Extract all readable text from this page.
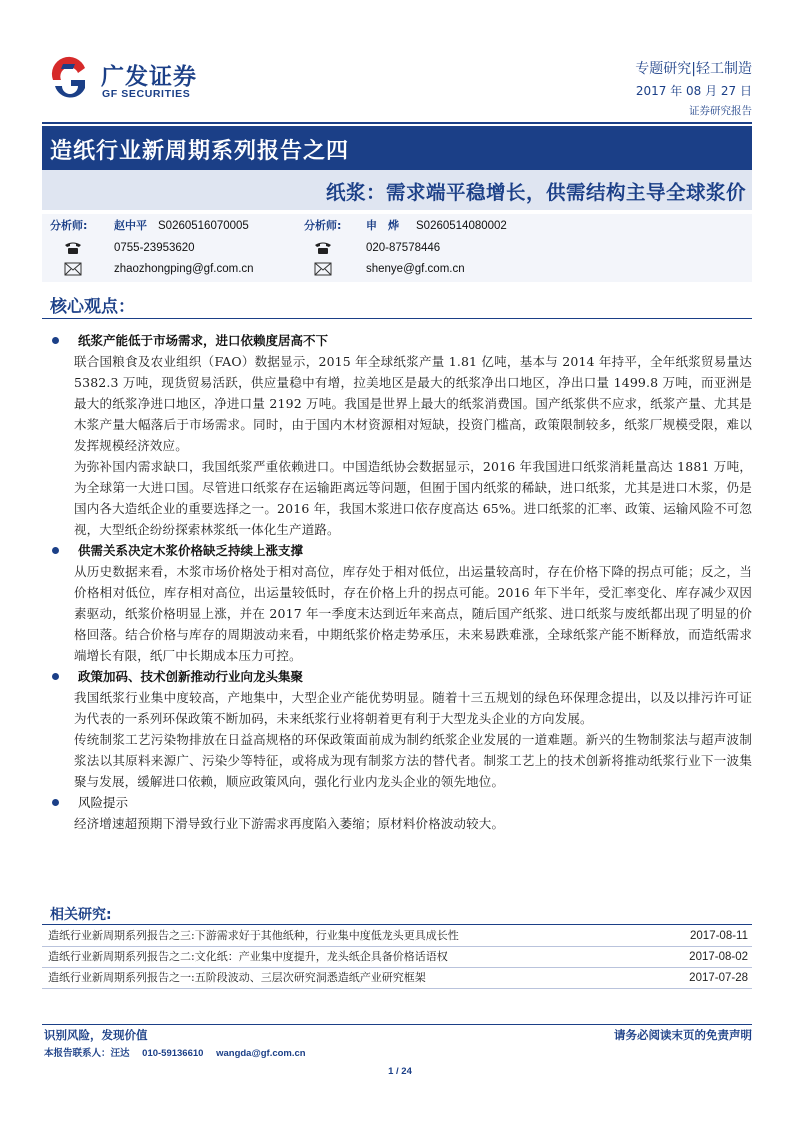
广发证券
GF SECURITIES
专题研究|轻工制造
2017 年 08 月 27 日
证券研究报告
造纸行业新周期系列报告之四
纸浆：需求端平稳增长，供需结构主导全球浆价
分析师: 赵中平 S0260516070005	分析师: 申　烨 S0260514080002
0755-23953620	020-87578446
zhaozhongping@gf.com.cn	shenye@gf.com.cn
核心观点：
纸浆产能低于市场需求，进口依赖度居高不下

联合国粮食及农业组织（FAO）数据显示，2015 年全球纸浆产量 1.81 亿吨，基本与 2014 年持平，全年纸浆贸易量达 5382.3 万吨，现货贸易活跃，供应量稳中有增，拉美地区是最大的纸浆净出口地区，净出口量 1499.8 万吨，而亚洲是最大的纸浆净进口地区，净进口量 2192 万吨。我国是世界上最大的纸浆消费国。国产纸浆供不应求，纸浆产量、尤其是木浆产量大幅落后于市场需求。同时，由于国内木材资源相对短缺，投资门槛高，政策限制较多，纸浆厂规模受限，难以发挥规模经济效应。

为弥补国内需求缺口，我国纸浆严重依赖进口。中国造纸协会数据显示，2016 年我国进口纸浆消耗量高达 1881 万吨，为全球第一大进口国。尽管进口纸浆存在运输距离远等问题，但囿于国内纸浆的稀缺，进口纸浆，尤其是进口木浆，仍是国内各大造纸企业的重要选择之一。2016 年，我国木浆进口依存度高达 65%。进口纸浆的汇率、政策、运输风险不可忽视，大型纸企纷纷探索林浆纸一体化生产道路。

供需关系决定木浆价格缺乏持续上涨支撑

从历史数据来看，木浆市场价格处于相对高位，库存处于相对低位，出运量较高时，存在价格下降的拐点可能；反之，当价格相对低位，库存相对高位，出运量较低时，存在价格上升的拐点可能。2016 年下半年，受汇率变化、库存减少双因素驱动，纸浆价格明显上涨，并在 2017 年一季度末达到近年来高点，随后国产纸浆、进口纸浆与废纸都出现了明显的价格回落。结合价格与库存的周期波动来看，中期纸浆价格走势承压，未来易跌难涨，全球纸浆产能不断释放，而造纸需求端增长有限，纸厂中长期成本压力可控。

政策加码、技术创新推动行业向龙头集聚

我国纸浆行业集中度较高，产地集中，大型企业产能优势明显。随着十三五规划的绿色环保理念提出，以及以排污许可证为代表的一系列环保政策不断加码，未来纸浆行业将朝着更有利于大型龙头企业的方向发展。

传统制浆工艺污染物排放在日益高规格的环保政策面前成为制约纸浆企业发展的一道难题。新兴的生物制浆法与超声波制浆法以其原料来源广、污染少等特征，或将成为现有制浆方法的替代者。制浆工艺上的技术创新将推动纸浆行业下一波集聚与发展，缓解进口依赖，顺应政策风向，强化行业内龙头企业的领先地位。

风险提示

经济增速超预期下滑导致行业下游需求再度陷入萎缩；原材料价格波动较大。

相关研究:
造纸行业新周期系列报告之三:下游需求好于其他纸种，行业集中度低龙头更具成长性	2017-08-11
造纸行业新周期系列报告之二:文化纸：产业集中度提升，龙头纸企具备价格话语权	2017-08-02
造纸行业新周期系列报告之一:五阶段波动、三层次研究洞悉造纸产业研究框架	2017-07-28
识别风险，发现价值	请务必阅读末页的免责声明
本报告联系人：汪达 010-59136610 wangda@gf.com.cn
1 / 24
